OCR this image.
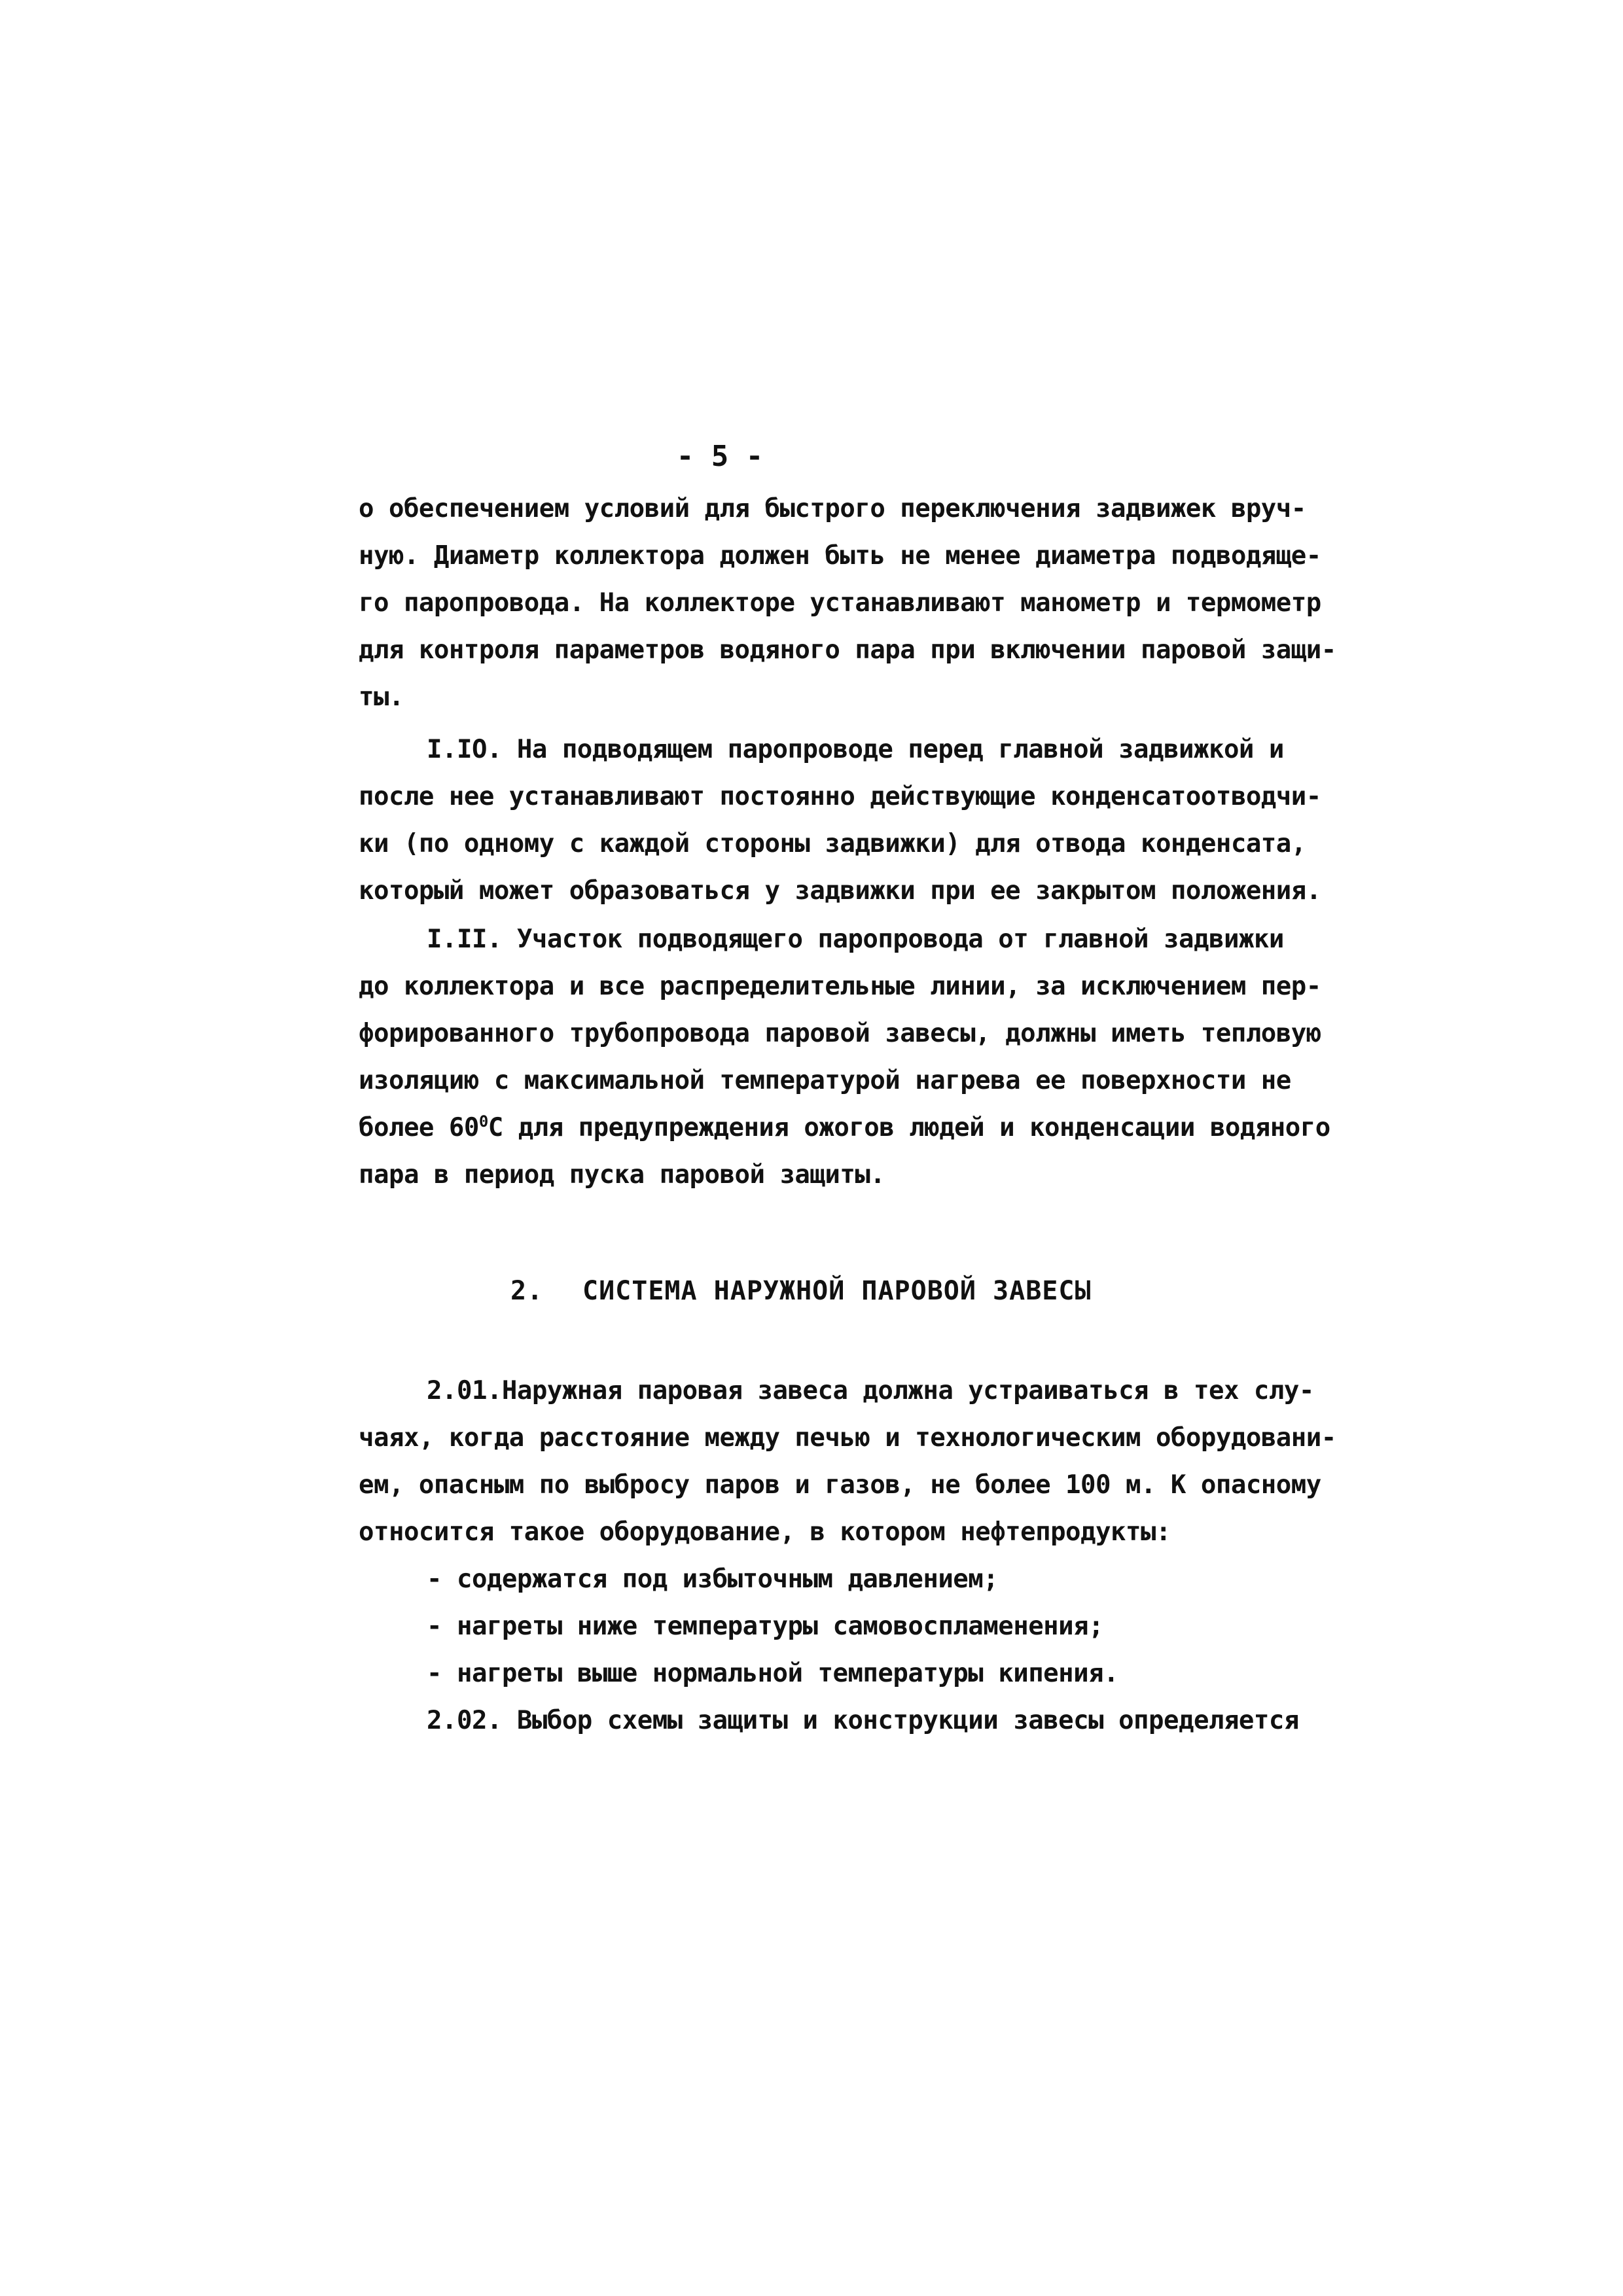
- 5 -
о обеспечением условий для быстрого переключения задвижек вруч-
ную. Диаметр коллектора должен быть не менее диаметра подводяще-
го паропровода. На коллекторе устанавливают манометр и термометр
для контроля параметров водяного пара при включении паровой защи-
ты.
I.IO. На подводящем паропроводе перед главной задвижкой и
после нее устанавливают постоянно действующие конденсатоотводчи-
ки (по одному с каждой стороны задвижки) для отвода конденсата,
который может образоваться у задвижки при ее закрытом положения.
I.II. Участок подводящего паропровода от главной задвижки
до коллектора и все распределительные линии, за исключением пер-
форированного трубопровода паровой завесы, должны иметь тепловую
изоляцию с максимальной температурой нагрева ее поверхности не
более $60^0С$ для предупреждения ожогов людей и конденсации водяного
пара в период пуска паровой защиты.
2. СИСТЕМА НАРУЖНОЙ ПАРОВОЙ ЗАВЕСЫ
2.01.Наружная паровая завеса должна устраиваться в тех слу-
чаях, когда расстояние между печью и технологическим оборудовани-
ем, опасным по выбросу паров и газов, не более 100 м. К опасному
относится такое оборудование, в котором нефтепродукты:
- содержатся под избыточным давлением;
- нагреты ниже температуры самовоспламенения;
- нагреты выше нормальной температуры кипения.
2.02. Выбор схемы защиты и конструкции завесы определяется
